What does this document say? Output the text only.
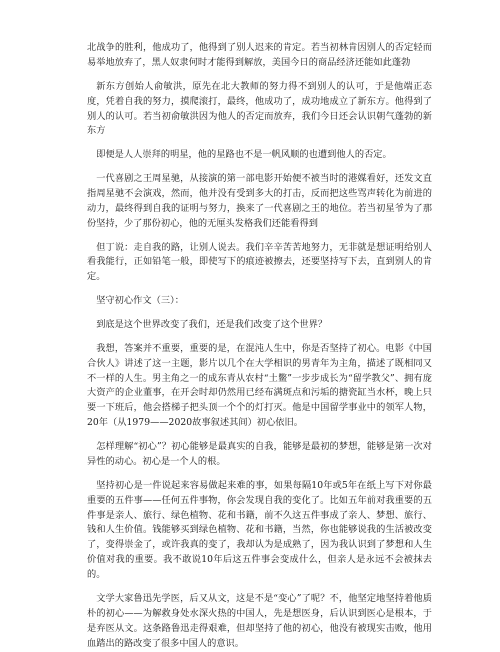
北战争的胜利，他成功了，他得到了别人迟来的肯定。若当初林肯因别人的否定轻而易举地放弃了，黑人奴隶何时才能得到解放，美国今日的商品经济还能如此蓬勃

新东方创始人俞敏洪，原先在北大教师的努力得不到别人的认可，于是他端正态度，凭着自我的努力，摸爬滚打，最终，他成功了，成功地成立了新东方。他得到了别人的认可。若当初俞敏洪因为他人的否定而放弃，我们今日还会认识朝气蓬勃的新东方

即便是人人崇拜的明星，他的星路也不是一帆风顺的也遭到他人的否定。

一代喜剧之王周星驰，从接演的第一部电影开始便不被当时的港媒看好，还发文直指周星驰不会演戏，然而，他并没有受到多大的打击，反而把这些骂声转化为前进的动力，最终得到自我的证明与努力，换来了一代喜剧之王的地位。若当初星爷为了那份坚持，少了那份初心，他的无厘头发格我们还能看得到

但丁说：走自我的路，让别人说去。我们辛辛苦苦地努力，无非就是想证明给别人看我能行，正如铅笔一般，即使写下的痕迹被擦去，还要坚持写下去，直到别人的肯定。

坚守初心作文（三）：

到底是这个世界改变了我们，还是我们改变了这个世界？

我想，答案并不重要，重要的是，在混沌人生中，你是否坚持了初心。电影《中国合伙人》讲述了这一主题，影片以几个在大学相识的男青年为主角，描述了既相同又不一样的人生。男主角之一的成东青从农村“土鳖”一步步成长为“留学教父”、拥有庞大资产的企业董事，在开会时却仍然用已经布满斑点和污垢的搪瓷缸当水杯，晚上只要一下班后，他会搭梯子把头顶一个个的灯打灭。他是中国留学事业中的领军人物，20年（从1979——2020故事叙述其间）初心依旧。

怎样理解“初心”？初心能够是最真实的自我，能够是最初的梦想，能够是第一次对异性的动心。初心是一个人的根。

坚持初心是一件说起来容易做起来难的事，如果每隔10年或5年在纸上写下对你最重要的五件事——任何五件事物，你会发现自我的变化了。比如五年前对我重要的五件事是亲人、旅行、绿色植物、花和书籍，前不久这五件事成了亲人、梦想、旅行、钱和人生价值。钱能够买到绿色植物、花和书籍，当然，你也能够说我的生活被改变了，变得崇金了，或许我真的变了，我却认为是成熟了，因为我认识到了梦想和人生价值对我的重要。我不敢说10年后这五件事会变成什么，但亲人是永远不会被抹去的。

文学大家鲁迅先学医，后又从文，这是不是“变心”了呢？不，他坚定地坚持着他质朴的初心——为解救身处水深火热的中国人，先是想医身，后认识到医心是根本，于是弃医从文。这条路鲁迅走得艰难，但却坚持了他的初心，他没有被现实击败，他用血踏出的路改变了很多中国人的意识。
